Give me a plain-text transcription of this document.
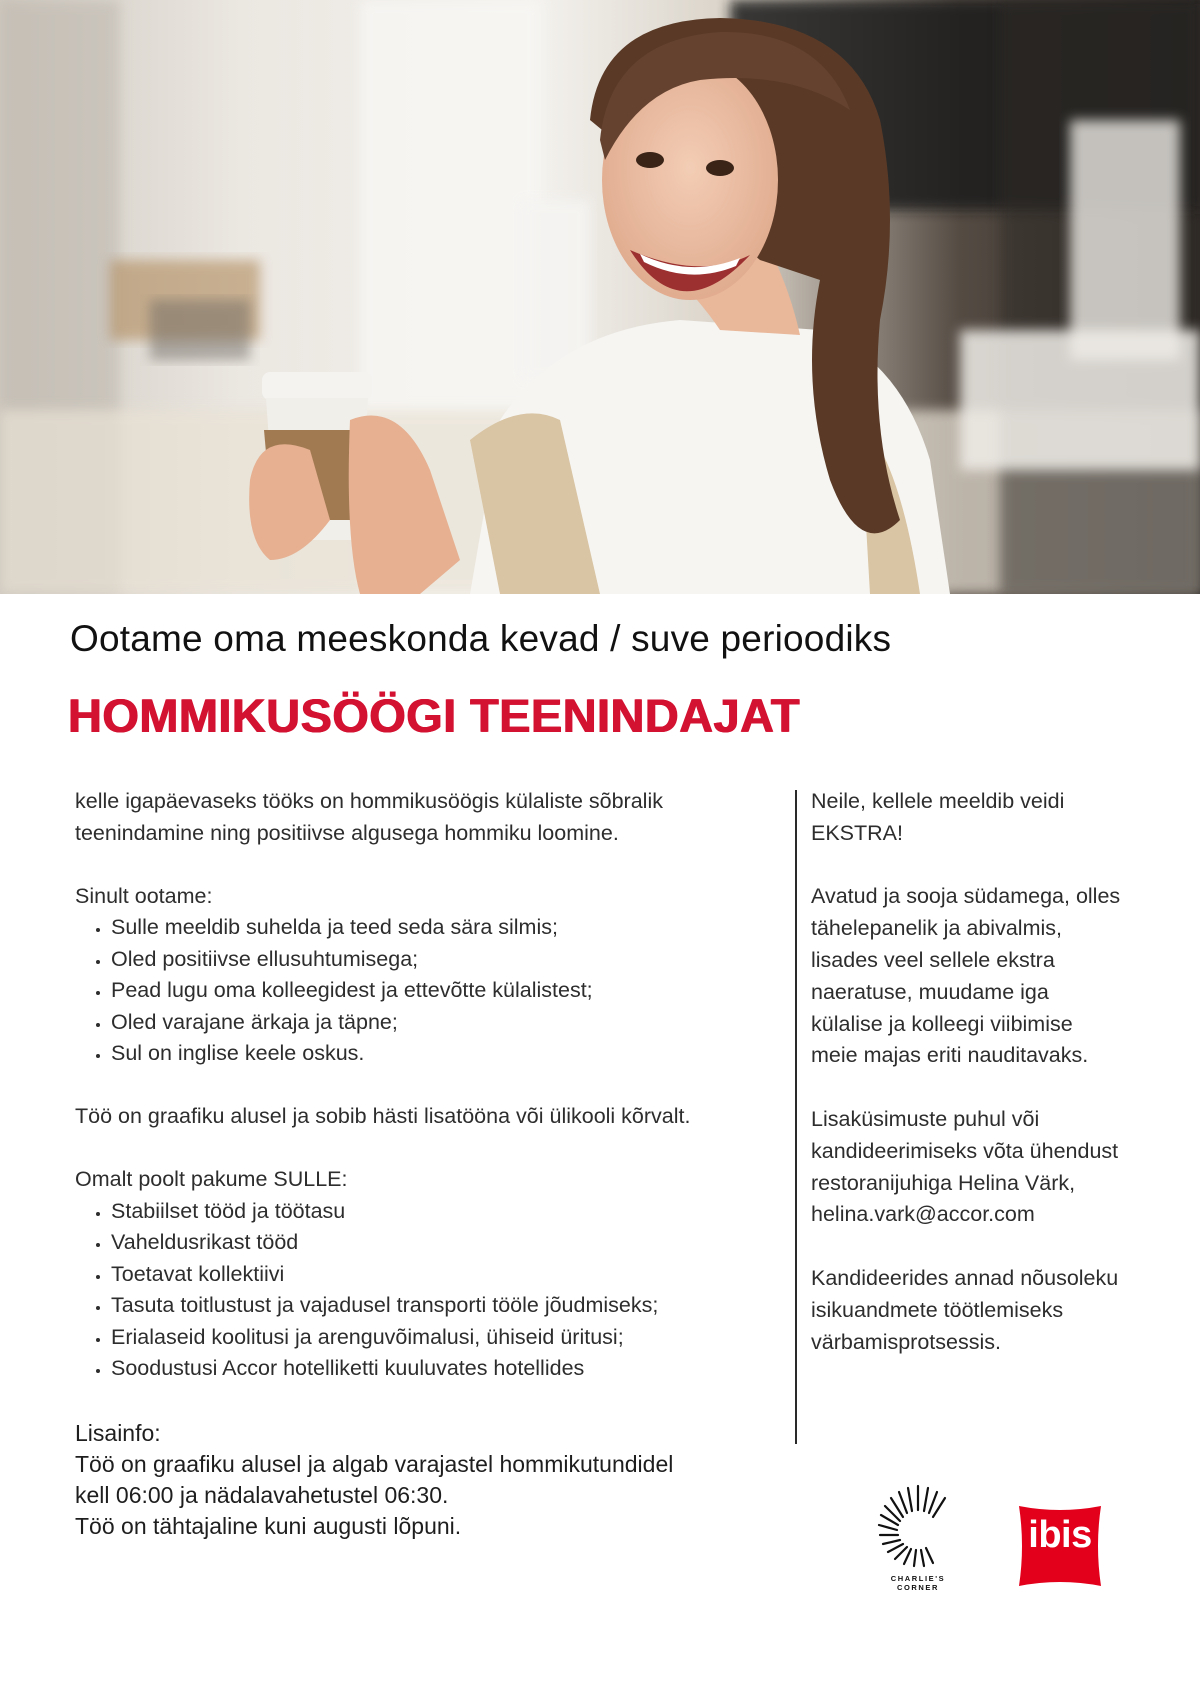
Ootame oma meeskonda kevad / suve perioodiks
HOMMIKUSÖÖGI TEENINDAJAT

kelle igapäevaseks tööks on hommikusöögis külaliste sõbralik

teenindamine ning positiivse algusega hommiku loomine.

Sinult ootame:

• Sulle meeldib suhelda ja teed seda sära silmis;
• Oled positiivse ellusuhtumisega;
• Pead lugu oma kolleegidest ja ettevõtte külalistest;
• Oled varajane ärkaja ja täpne;
• Sul on inglise keele oskus.

Töö on graafiku alusel ja sobib hästi lisatööna või ülikooli kõrvalt.

Omalt poolt pakume SULLE:

• Stabiilset tööd ja töötasu
• Vaheldusrikast tööd
• Toetavat kollektiivi
• Tasuta toitlustust ja vajadusel transporti tööle jõudmiseks;
• Erialaseid koolitusi ja arenguvõimalusi, ühiseid üritusi;
• Soodustusi Accor hotelliketti kuuluvates hotellides

Lisainfo:

Töö on graafiku alusel ja algab varajastel hommikutundidel

kell 06:00 ja nädalavahetustel 06:30.

Töö on tähtajaline kuni augusti lõpuni.

Neile, kellele meeldib veidi

EKSTRA!

Avatud ja sooja südamega, olles

tähelepanelik ja abivalmis,

lisades veel sellele ekstra

naeratuse, muudame iga

külalise ja kolleegi viibimise

meie majas eriti nauditavaks.

Lisaküsimuste puhul või

kandideerimiseks võta ühendust

restoranijuhiga Helina Värk,

helina.vark@accor.com

Kandideerides annad nõusoleku

isikuandmete töötlemiseks

värbamisprotsessis.

CHARLIE'S
CORNER
ibis
